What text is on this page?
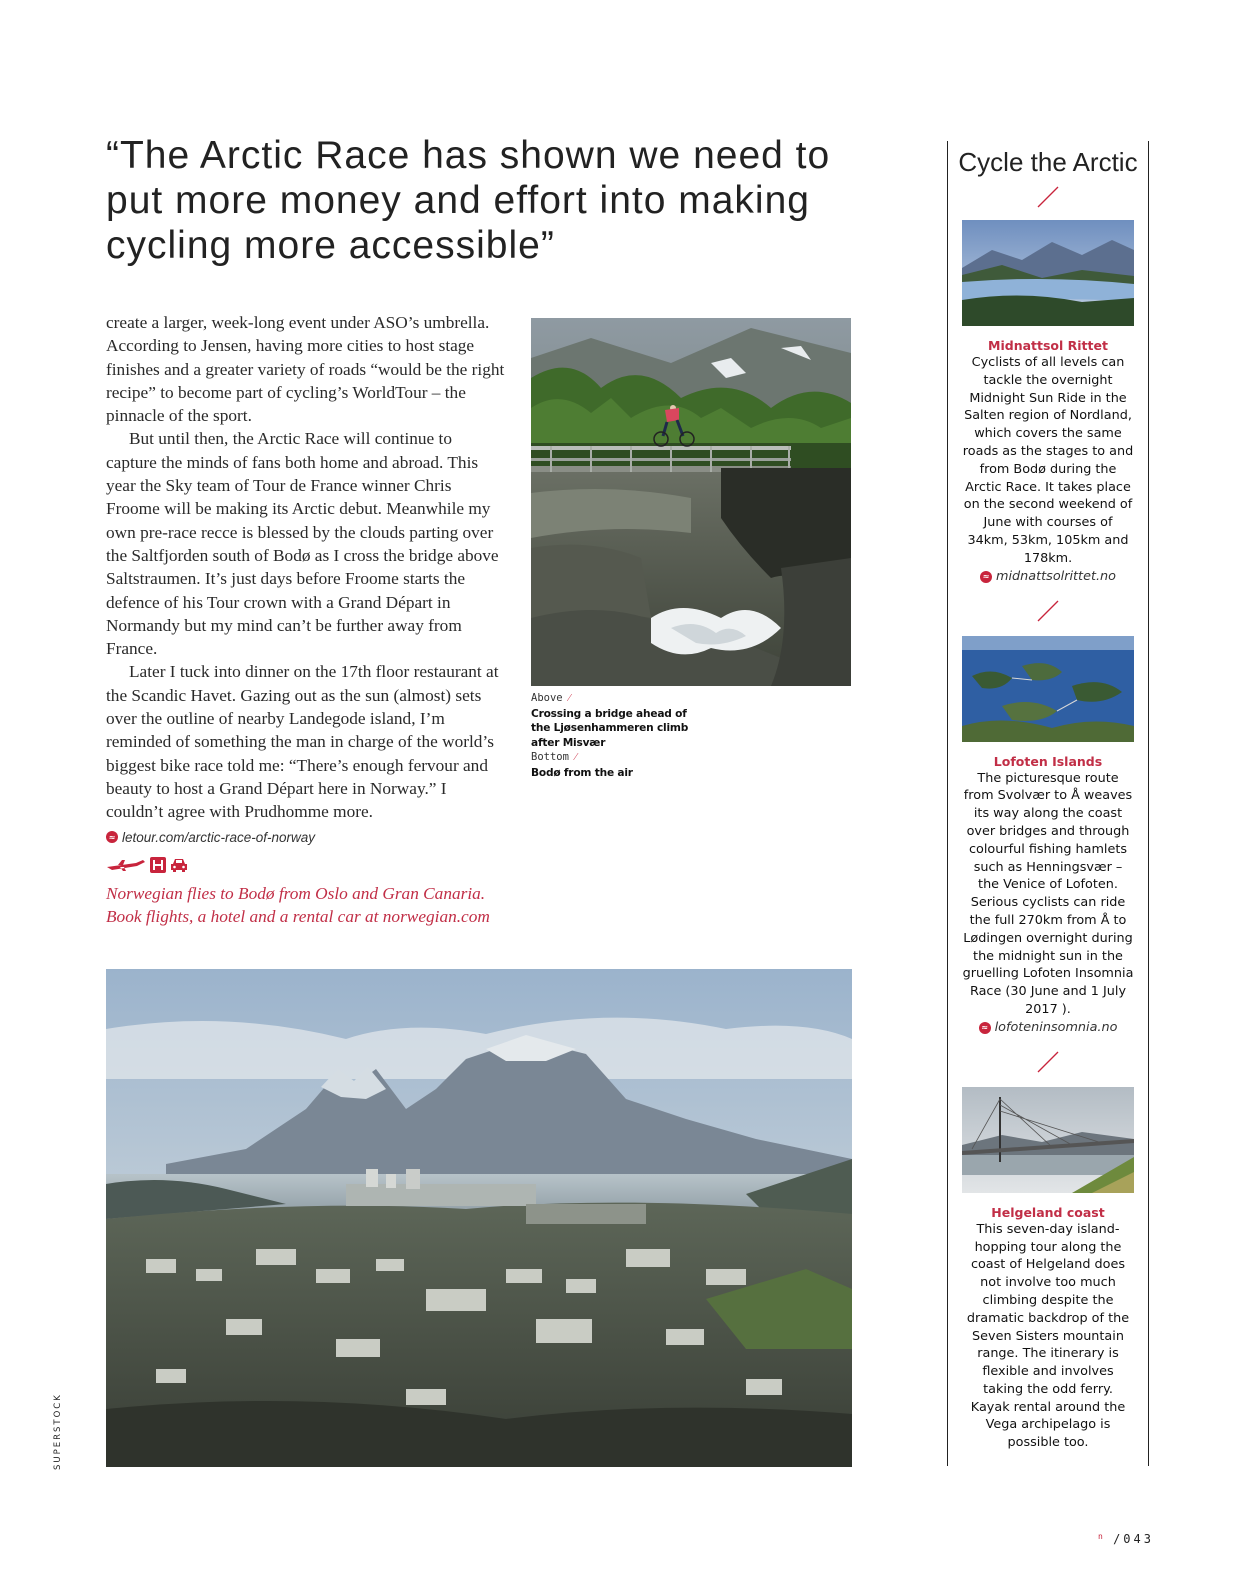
“The Arctic Race has shown we need to put more money and effort into making cycling more accessible”

create a larger, week-long event under ASO’s umbrella. According to Jensen, having more cities to host stage finishes and a greater variety of roads “would be the right recipe” to become part of cycling’s WorldTour – the pinnacle of the sport.

But until then, the Arctic Race will continue to capture the minds of fans both home and abroad. This year the Sky team of Tour de France winner Chris Froome will be making its Arctic debut. Meanwhile my own pre-race recce is blessed by the clouds parting over the Saltfjorden south of Bodø as I cross the bridge above Saltstraumen. It’s just days before Froome starts the defence of his Tour crown with a Grand Départ in Normandy but my mind can’t be further away from France.

Later I tuck into dinner on the 17th floor restaurant at the Scandic Havet. Gazing out as the sun (almost) sets over the outline of nearby Landegode island, I’m reminded of something the man in charge of the world’s biggest bike race told me: “There’s enough fervour and beauty to host a Grand Départ here in Norway.” I couldn’t agree with Prudhomme more.

≈ letour.com/arctic-race-of-norway
Norwegian flies to Bodø from Oslo and Gran Canaria. Book flights, a hotel and a rental car at norwegian.com
Above ⁄
Crossing a bridge ahead of the Ljøsenhammeren climb after Misvær
Bottom ⁄
Bodø from the air
Cycle the Arctic
Midnattsol Rittet
Cyclists of all levels can tackle the overnight Midnight Sun Ride in the Salten region of Nordland, which covers the same roads as the stages to and from Bodø during the Arctic Race. It takes place on the second weekend of June with courses of 34km, 53km, 105km and 178km.
≈ midnattsolrittet.no
Lofoten Islands
The picturesque route from Svolvær to Å weaves its way along the coast over bridges and through colourful fishing hamlets such as Henningsvær – the Venice of Lofoten. Serious cyclists can ride the full 270km from Å to Lødingen overnight during the midnight sun in the gruelling Lofoten Insomnia Race (30 June and 1 July 2017 ).
≈ lofoteninsomnia.no
Helgeland coast
This seven-day island-hopping tour along the coast of Helgeland does not involve too much climbing despite the dramatic backdrop of the Seven Sisters mountain range. The itinerary is flexible and involves taking the odd ferry. Kayak rental around the Vega archipelago is possible too.
SUPERSTOCK
$^n$ /043
